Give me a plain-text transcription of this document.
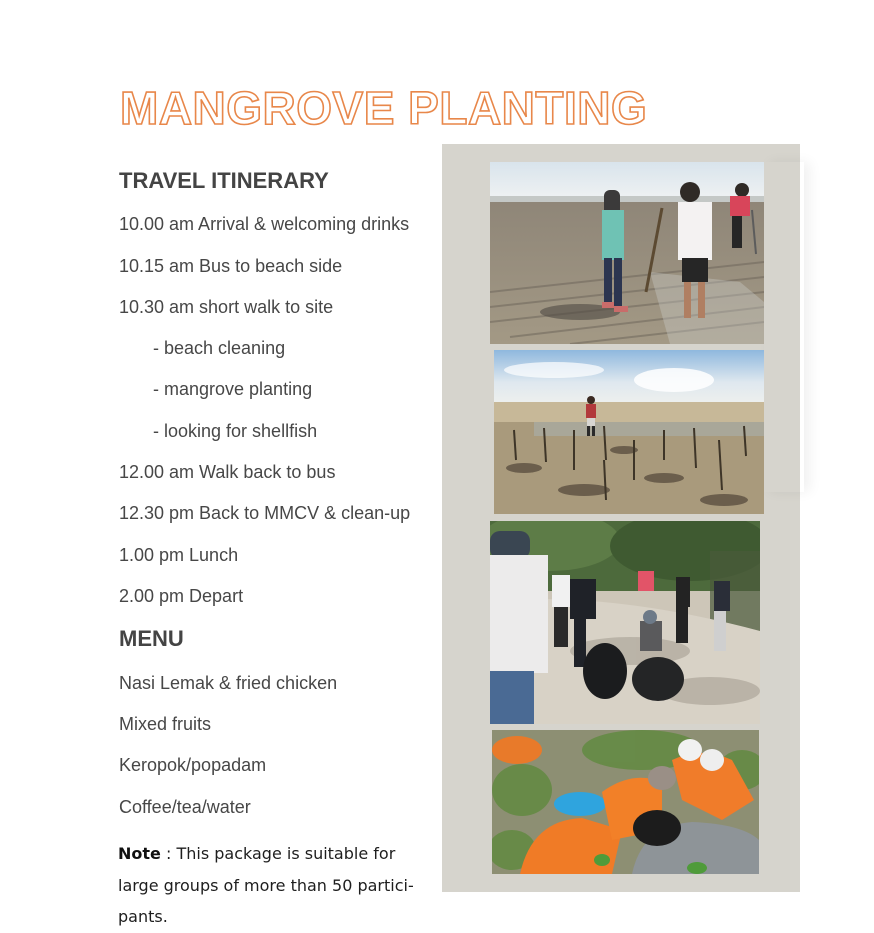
MANGROVE PLANTING
TRAVEL ITINERARY
10.00 am Arrival & welcoming drinks
10.15 am Bus to beach side
10.30 am short walk to site
- beach cleaning
- mangrove planting
- looking for shellfish
12.00 am Walk back to bus
12.30 pm Back to MMCV & clean-up
1.00 pm Lunch
2.00 pm Depart
MENU
Nasi Lemak & fried chicken
Mixed fruits
Keropok/popadam
Coffee/tea/water
Note : This package is suitable for large groups of more than 50 partici-pants.
